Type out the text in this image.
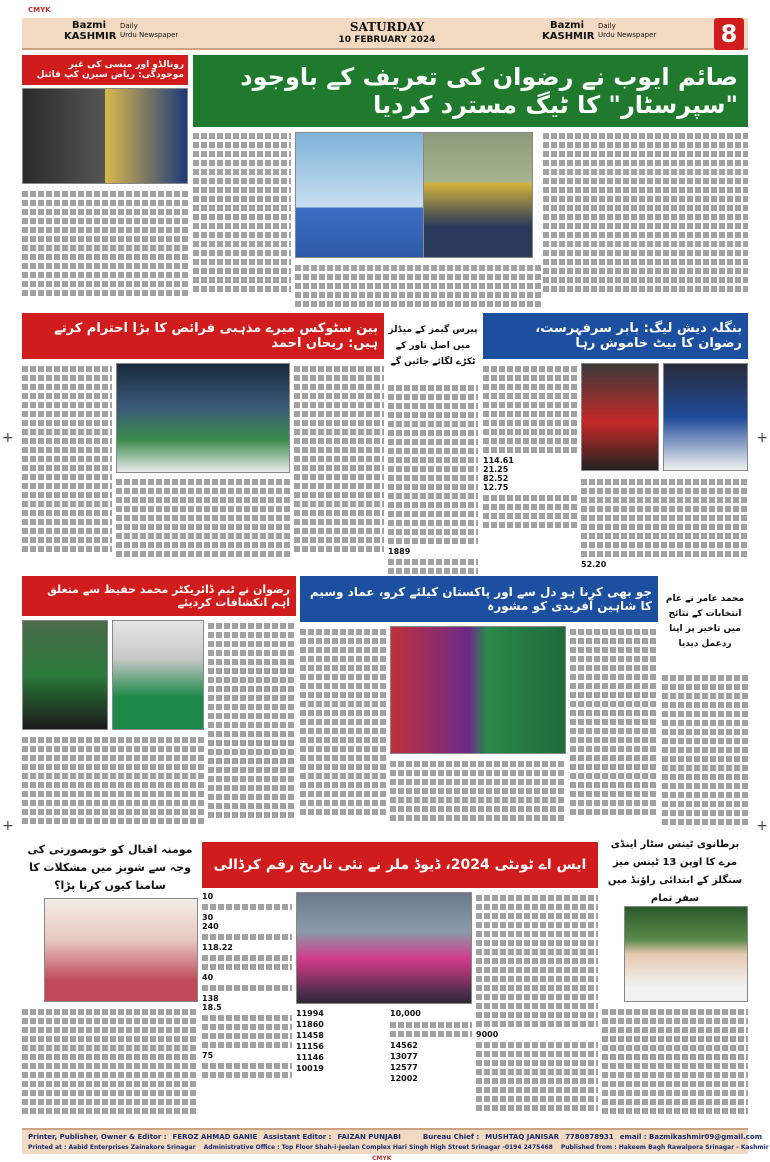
+	+
+	+
CMYK
Bazmi KASHMIR
Daily
Urdu Newspaper
SATURDAY
10 FEBRUARY 2024
Bazmi KASHMIR
Daily
Urdu Newspaper	8
صائم ایوب نے رضوان کی تعریف کے باوجود "سپرسٹار" کا ٹیگ مسترد کردیا
رونالڈو اور میسی کی غیر موجودگی: ریاض سیزن کپ فائنل
بنگلہ دیش لیگ: بابر سرفہرست، رضوان کا بیٹ خاموش رہا
114.61
21.25
82.52
12.75
52.20
پیرس گیمز کے میڈلز میں اصل تاور کے ٹکڑے لگائے جائیں گے
1889
بین سٹوکس میرے مذہبی فرائض کا بڑا احترام کرتے ہیں: ریحان احمد
رضوان نے ٹیم ڈائریکٹر محمد حفیظ سے متعلق اہم انکشافات کردیئے
جو بھی کرنا ہو دل سے اور پاکستان کیلئے کرو، عماد وسیم کا شاہین آفریدی کو مشورہ	محمد عامر نے عام انتخابات کے نتائج میں تاخیر پر اپنا ردعمل دیدیا
مومنہ اقبال کو خوبصورتی کی وجہ سے شوبز میں مشکلات کا سامنا کیوں کرنا پڑا؟
ایس اے ٹونٹی 2024، ڈیوڈ ملر نے نئی تاریخ رقم کرڈالی
10
30
240
118.22
40
138
18.5
75
11994
11860
11458
11156
11146
10019
10,000
14562
13077
12577
12002
9000
برطانوی ٹینس سٹار اینڈی مرے کا اوپن 13 ٹینس میز سنگلز کے ابتدائی راؤنڈ میں سفر تمام
Printer, Publisher, Owner & Editor : FEROZ AHMAD GANIE Assistant Editor : FAIZAN PUNJABI	Bureau Chief : MUSHTAQ JANISAR 7780878931 email : Bazmikashmir09@gmail.com
Printed at : Aabid Enterprises Zainakore Srinagar Administrative Office : Top Floor Shah-i-Jeelan Complex Hari Singh High Street Srinagar -0194 2475468 Published from : Hakeem Bagh Rawalpora Srinagar - Kashmir
CMYK
